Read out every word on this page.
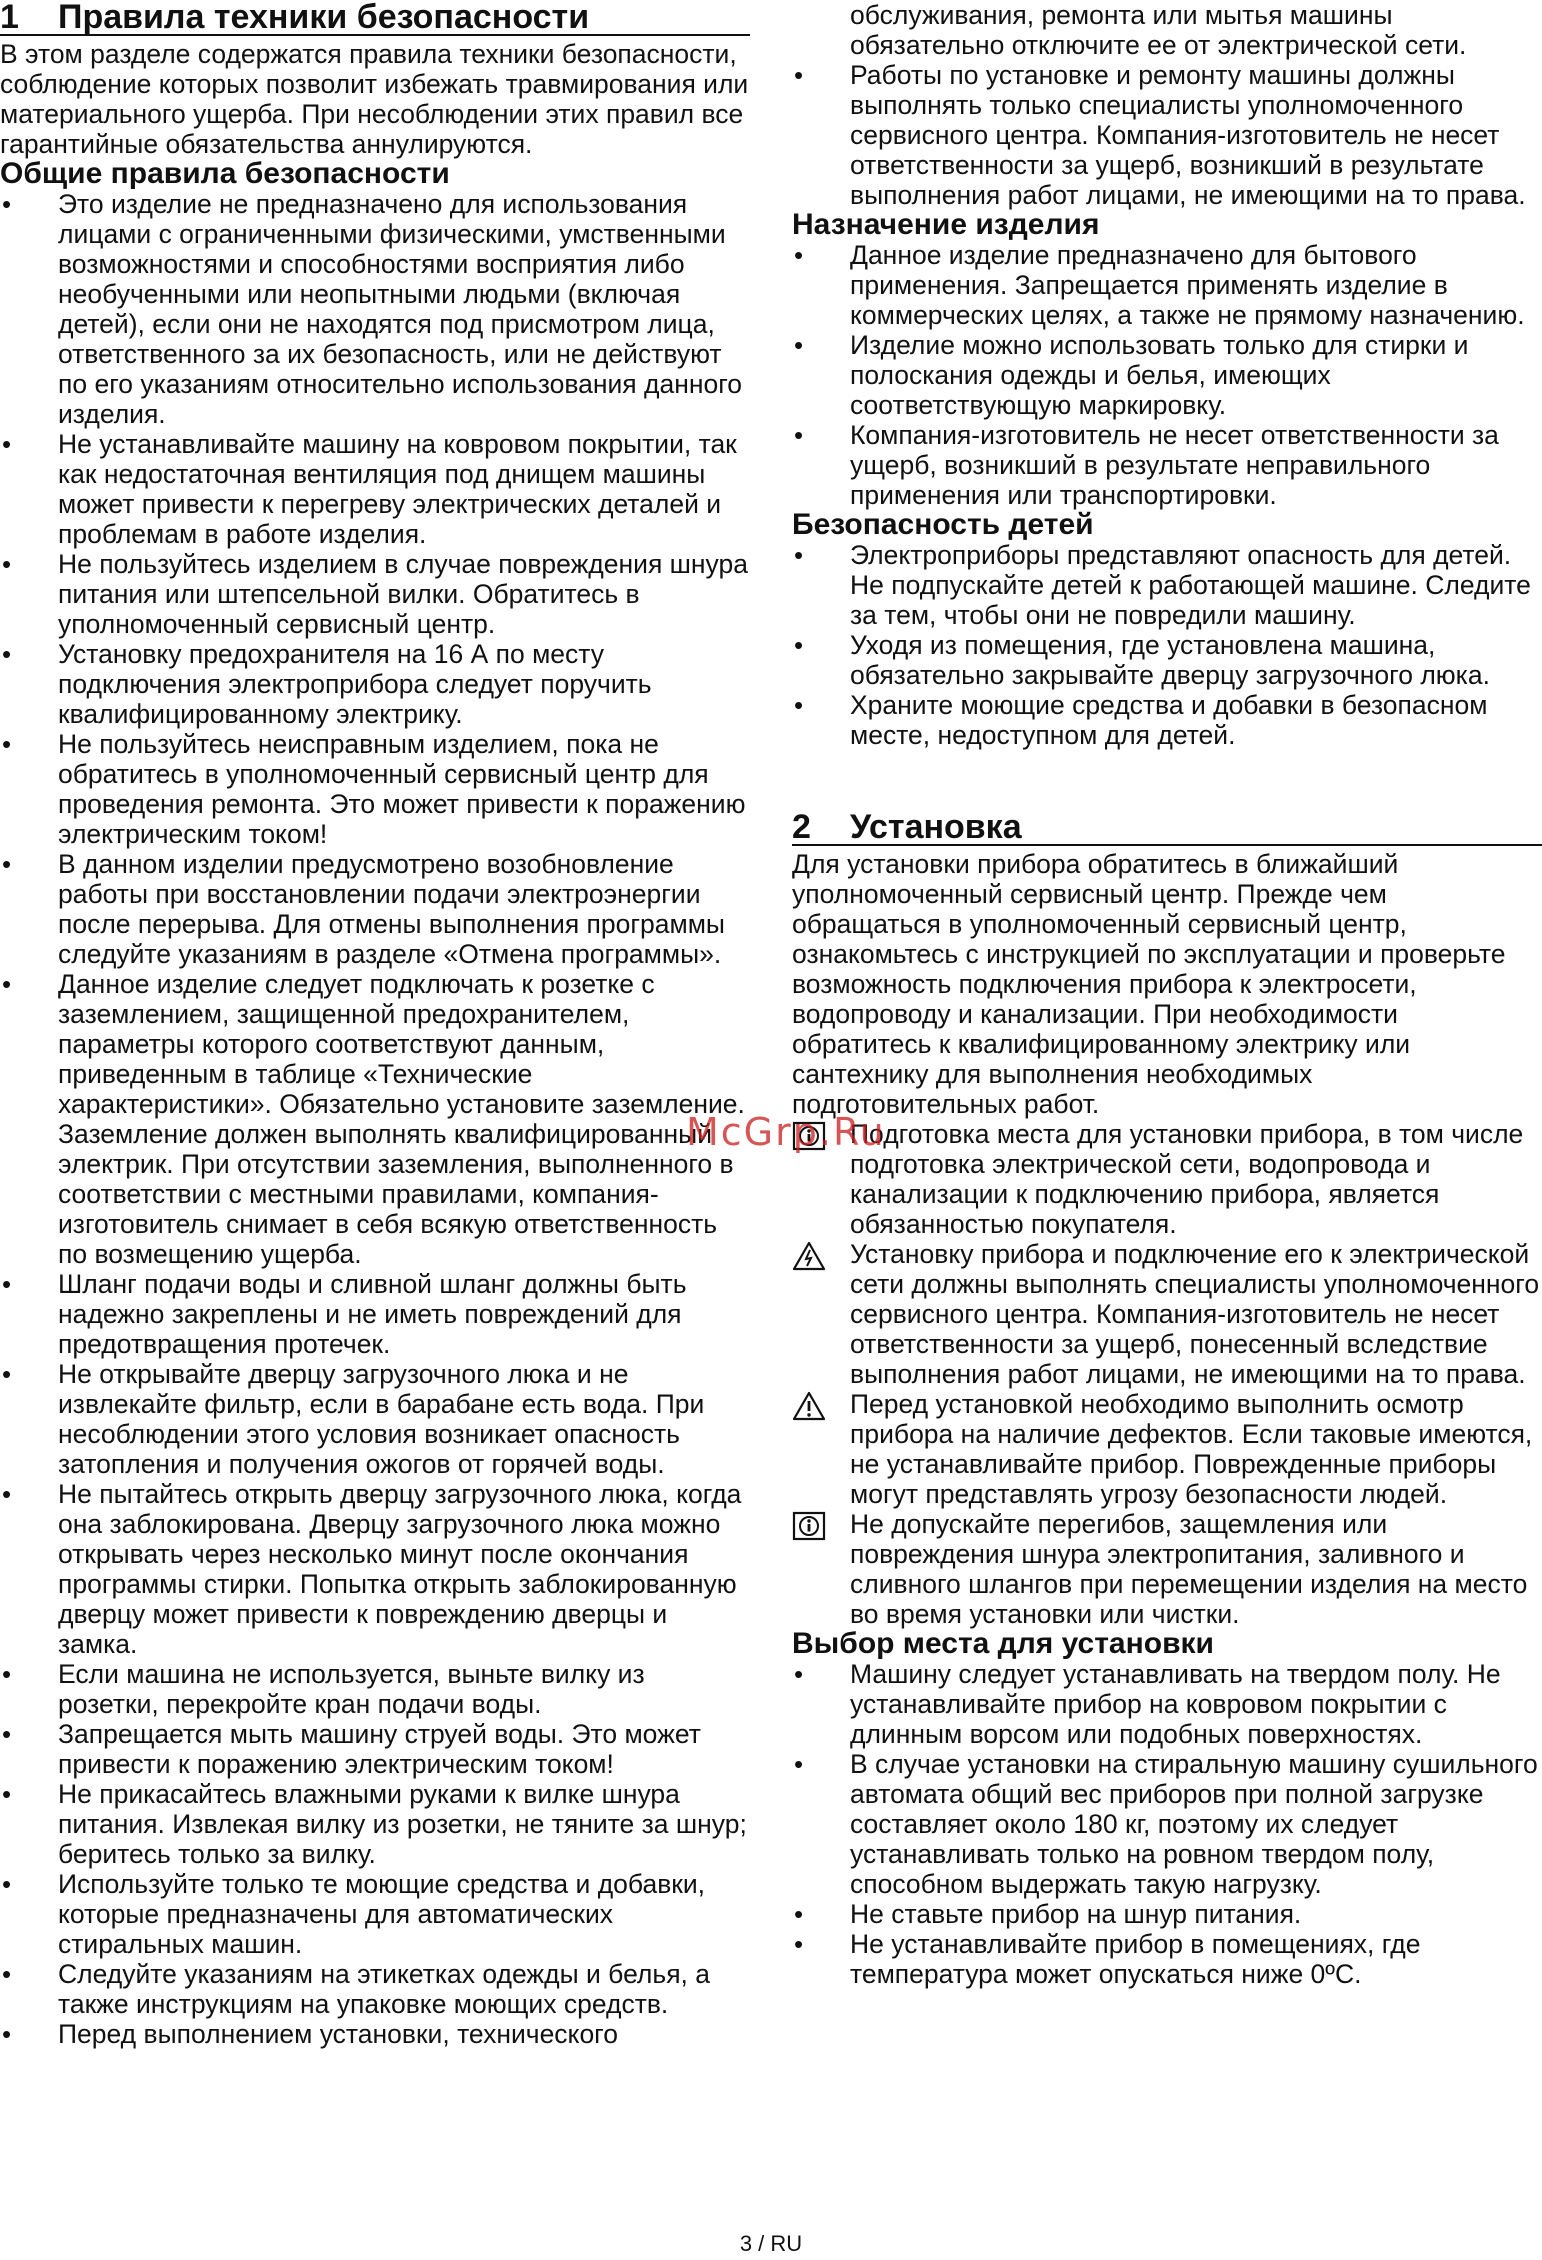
1	Правила техники безопасности

В этом разделе содержатся правила техники безопасности, соблюдение которых позволит избежать травмирования или материального ущерба. При несоблюдении этих правил все гарантийные обязательства аннулируются.

Общие правила безопасности
• Это изделие не предназначено для использования лицами с ограниченными физическими, умственными возможностями и способностями восприятия либо необученными или неопытными людьми (включая детей), если они не находятся под присмотром лица, ответственного за их безопасность, или не действуют по его указаниям относительно использования данного изделия.
• Не устанавливайте машину на ковровом покрытии, так как недостаточная вентиляция под днищем машины может привести к перегреву электрических деталей и проблемам в работе изделия.
• Не пользуйтесь изделием в случае повреждения шнура питания или штепсельной вилки. Обратитесь в уполномоченный сервисный центр.
• Установку предохранителя на 16 А по месту подключения электроприбора следует поручить квалифицированному электрику.
• Не пользуйтесь неисправным изделием, пока не обратитесь в уполномоченный сервисный центр для проведения ремонта. Это может привести к поражению электрическим током!
• В данном изделии предусмотрено возобновление работы при восстановлении подачи электроэнергии после перерыва. Для отмены выполнения программы следуйте указаниям в разделе «Отмена программы».
• Данное изделие следует подключать к розетке с заземлением, защищенной предохранителем, параметры которого соответствуют данным, приведенным в таблице «Технические характеристики». Обязательно установите заземление. Заземление должен выполнять квалифицированный электрик. При отсутствии заземления, выполненного в соответствии с местными правилами, компания-изготовитель снимает в себя всякую ответственность по возмещению ущерба.
• Шланг подачи воды и сливной шланг должны быть надежно закреплены и не иметь повреждений для предотвращения протечек.
• Не открывайте дверцу загрузочного люка и не извлекайте фильтр, если в барабане есть вода. При несоблюдении этого условия возникает опасность затопления и получения ожогов от горячей воды.
• Не пытайтесь открыть дверцу загрузочного люка, когда она заблокирована. Дверцу загрузочного люка можно открывать через несколько минут после окончания программы стирки. Попытка открыть заблокированную дверцу может привести к повреждению дверцы и замка.
• Если машина не используется, выньте вилку из розетки, перекройте кран подачи воды.
• Запрещается мыть машину струей воды. Это может привести к поражению электрическим током!
• Не прикасайтесь влажными руками к вилке шнура питания. Извлекая вилку из розетки, не тяните за шнур; беритесь только за вилку.
• Используйте только те моющие средства и добавки, которые предназначены для автоматических стиральных машин.
• Следуйте указаниям на этикетках одежды и белья, а также инструкциям на упаковке моющих средств.
• Перед выполнением установки, технического

обслуживания, ремонта или мытья машины обязательно отключите ее от электрической сети.

• Работы по установке и ремонту машины должны выполнять только специалисты уполномоченного сервисного центра. Компания-изготовитель не несет ответственности за ущерб, возникший в результате выполнения работ лицами, не имеющими на то права.
Назначение изделия
• Данное изделие предназначено для бытового применения. Запрещается применять изделие в коммерческих целях, а также не прямому назначению.
• Изделие можно использовать только для стирки и полоскания одежды и белья, имеющих соответствующую маркировку.
• Компания-изготовитель не несет ответственности за ущерб, возникший в результате неправильного применения или транспортировки.
Безопасность детей
• Электроприборы представляют опасность для детей. Не подпускайте детей к работающей машине. Следите за тем, чтобы они не повредили машину.
• Уходя из помещения, где установлена машина, обязательно закрывайте дверцу загрузочного люка.
• Храните моющие средства и добавки в безопасном месте, недоступном для детей.
2	Установка

Для установки прибора обратитесь в ближайший уполномоченный сервисный центр. Прежде чем обращаться в уполномоченный сервисный центр, ознакомьтесь с инструкцией по эксплуатации и проверьте возможность подключения прибора к электросети, водопроводу и канализации. При необходимости обратитесь к квалифицированному электрику или сантехнику для выполнения необходимых подготовительных работ.

Подготовка места для установки прибора, в том числе подготовка электрической сети, водопровода и канализации к подключению прибора, является обязанностью покупателя.
Установку прибора и подключение его к электрической сети должны выполнять специалисты уполномоченного сервисного центра. Компания-изготовитель не несет ответственности за ущерб, понесенный вследствие выполнения работ лицами, не имеющими на то права.
Перед установкой необходимо выполнить осмотр прибора на наличие дефектов. Если таковые имеются, не устанавливайте прибор. Поврежденные приборы могут представлять угрозу безопасности людей.
Не допускайте перегибов, защемления или повреждения шнура электропитания, заливного и сливного шлангов при перемещении изделия на место во время установки или чистки.
Выбор места для установки
• Машину следует устанавливать на твердом полу. Не устанавливайте прибор на ковровом покрытии с длинным ворсом или подобных поверхностях.
• В случае установки на стиральную машину сушильного автомата общий вес приборов при полной загрузке составляет около 180 кг, поэтому их следует устанавливать только на ровном твердом полу, способном выдержать такую нагрузку.
• Не ставьте прибор на шнур питания.
• Не устанавливайте прибор в помещениях, где температура может опускаться ниже 0ºC.
McGrp.Ru
3 / RU
